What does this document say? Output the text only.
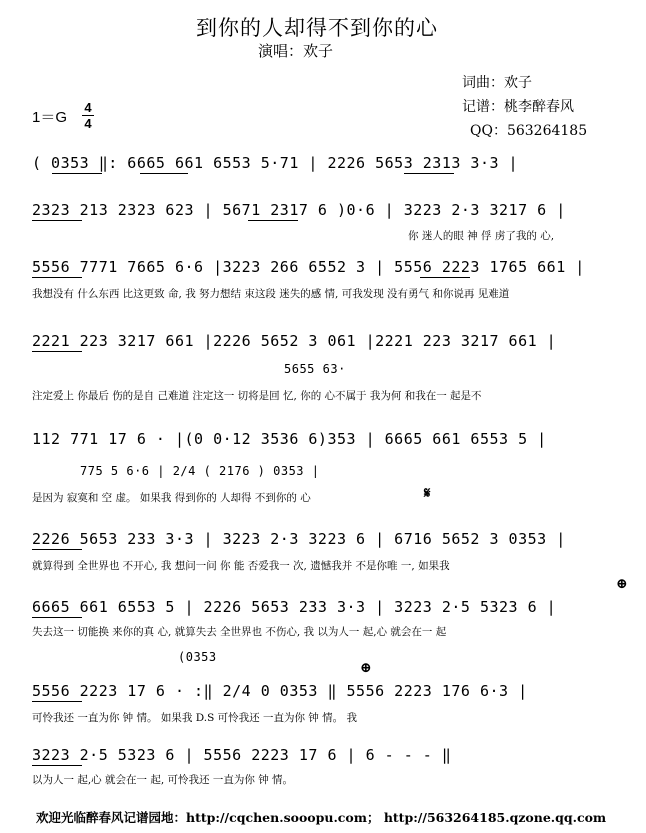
到你的人却得不到你的心
演唱：欢子
词曲：欢子
记谱：桃李醉春风
QQ：563264185
1＝G
4
4
( 0353 ‖: 6665 661 6553 5·71 | 2226 5653 2313 3·3 |
2323 213 2323 623 | 5671 2317 6 )0·6 | 3223 2·3 3217 6 |
你 迷人的眼 神 俘 虏了我的 心,
5556 7771 7665 6·6 |3223 266 6552 3 | 5556 2223 1765 661 |
我想没有 什么东西 比这更致 命, 我 努力想结 束这段 迷失的感 情, 可我发现 没有勇气 和你说再 见难道
2221 223 3217 661 |2226 5652 3 061 |2221 223 3217 661 |
5655 63·
注定爱上 你最后 伤的是自 己难道 注定这一 切将是回 忆, 你的 心不属于 我为何 和我在一 起是不
112 771 17 6 · |(0 0·12 3536 6)353 | 6665 661 6553 5 |
775 5 6·6 | 2/4 ( 2176 ) 0353 |
是因为 寂寞和 空 虚。 如果我 得到你的 人却得 不到你的 心
2226 5653 233 3·3 | 3223 2·3 3223 6 | 6716 5652 3 0353 |
就算得到 全世界也 不开心, 我 想问一问 你 能 否爱我一 次, 遗憾我并 不是你唯 一, 如果我
6665 661 6553 5 | 2226 5653 233 3·3 | 3223 2·5 5323 6 |
失去这一 切能换 来你的真 心, 就算失去 全世界也 不伤心, 我 以为人一 起,心 就会在一 起
(0353
5556 2223 17 6 · :‖ 2/4 0 0353 ‖ 5556 2223 176 6·3 |
可怜我还 一直为你 钟 情。 如果我 D.S 可怜我还 一直为你 钟 情。 我
3223 2·5 5323 6 | 5556 2223 17 6 | 6 - - - ‖
以为人一 起,心 就会在一 起, 可怜我还 一直为你 钟 情。
𝄋
⊕
⊕
欢迎光临醉春风记谱园地：http://cqchen.sooopu.com； http://563264185.qzone.qq.com
